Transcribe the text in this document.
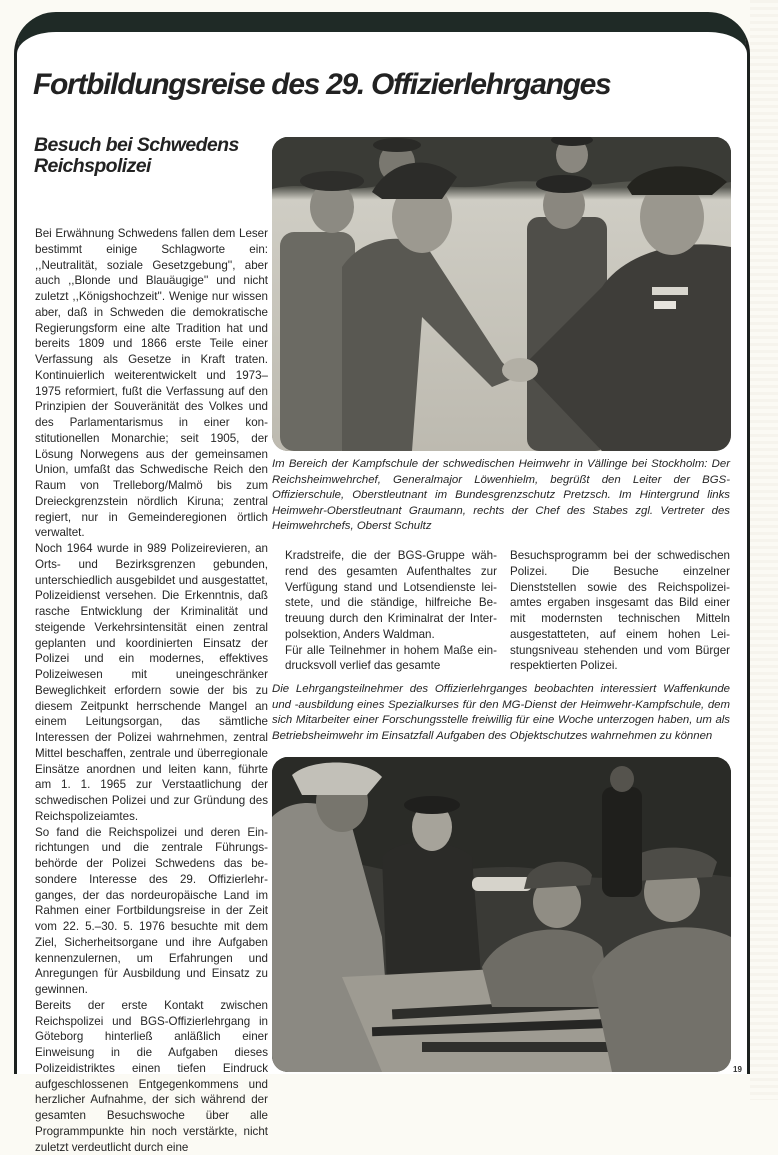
Fortbildungsreise des 29. Offizierlehrganges
Besuch bei Schwedens Reichspolizei

Bei Erwähnung Schwedens fallen dem Leser bestimmt einige Schlagworte ein: ,,Neutralität, soziale Gesetzgebung'', aber auch ,,Blonde und Blauäugige'' und nicht zuletzt ,,Königshochzeit''. Wenige nur wissen aber, daß in Schweden die demokratische Regierungsform eine alte Tradition hat und bereits 1809 und 1866 erste Teile einer Verfassung als Gesetze in Kraft traten. Kontinuierlich weiterentwickelt und 1973–1975 reformiert, fußt die Verfassung auf den Prinzipien der Souveränität des Volkes und des Parlamentarismus in einer konstitutionellen Monarchie; seit 1905, der Lösung Norwegens aus der gemeinsamen Union, umfaßt das Schwedische Reich den Raum von Trelleborg/Malmö bis zum Dreieckgrenzstein nördlich Kiruna; zentral regiert, nur in Gemeinderegionen örtlich verwaltet.

Noch 1964 wurde in 989 Polizeirevieren, an Orts- und Bezirksgrenzen gebunden, unterschiedlich ausgebildet und ausgestattet, Polizeidienst versehen. Die Erkenntnis, daß rasche Entwicklung der Kriminalität und steigende Verkehrsintensität einen zentral geplanten und koordinierten Einsatz der Polizei und ein modernes, effektives Polizeiwesen mit uneingeschränker Beweglichkeit erfordern sowie der bis zu diesem Zeitpunkt herrschende Mangel an einem Leitungsorgan, das sämtliche Interessen der Polizei wahrnehmen, zentral Mittel beschaffen, zentrale und überregionale Einsätze anordnen und leiten kann, führte am 1. 1. 1965 zur Verstaatlichung der schwedischen Polizei und zur Gründung des Reichspolizeiamtes.

So fand die Reichspolizei und deren Einrichtungen und die zentrale Führungsbehörde der Polizei Schwedens das besondere Interesse des 29. Offizierlehrganges, der das nordeuropäische Land im Rahmen einer Fortbildungsreise in der Zeit vom 22. 5.–30. 5. 1976 besuchte mit dem Ziel, Sicherheitsorgane und ihre Aufgaben kennenzulernen, um Erfahrungen und Anregungen für Ausbildung und Einsatz zu gewinnen.

Bereits der erste Kontakt zwischen Reichspolizei und BGS-Offizierlehrgang in Göteborg hinterließ anläßlich einer Einweisung in die Aufgaben dieses Polizeidistriktes einen tiefen Eindruck aufgeschlossenen Entgegenkommens und herzlicher Aufnahme, der sich während der gesamten Besuchswoche über alle Programmpunkte hin noch verstärkte, nicht zuletzt verdeutlicht durch eine

Im Bereich der Kampfschule der schwedischen Heimwehr in Vällinge bei Stockholm: Der Reichsheimwehrchef, Generalmajor Löwenhielm, begrüßt den Leiter der BGS-Offizierschule, Oberstleutnant im Bundesgrenzschutz Pretzsch. Im Hintergrund links Heimwehr-Oberstleutnant Graumann, rechts der Chef des Stabes zgl. Vertreter des Heimwehrchefs, Oberst Schultz

Kradstreife, die der BGS-Gruppe während des gesamten Aufenthaltes zur Verfügung stand und Lotsendienste leistete, und die ständige, hilfreiche Betreuung durch den Kriminalrat der Interpolsektion, Anders Waldman.

Für alle Teilnehmer in hohem Maße eindrucksvoll verlief das gesamte

Besuchsprogramm bei der schwedischen Polizei. Die Besuche einzelner Dienststellen sowie des Reichspolizeiamtes ergaben insgesamt das Bild einer mit modernsten technischen Mitteln ausgestatteten, auf einem hohen Leistungsniveau stehenden und vom Bürger respektierten Polizei.

Die Lehrgangsteilnehmer des Offizierlehrganges beobachten interessiert Waffenkunde und -ausbildung eines Spezialkurses für den MG-Dienst der Heimwehr-Kampfschule, dem sich Mitarbeiter einer Forschungsstelle freiwillig für eine Woche unterzogen haben, um als Betriebsheimwehr im Einsatzfall Aufgaben des Objektschutzes wahrnehmen zu können
19
